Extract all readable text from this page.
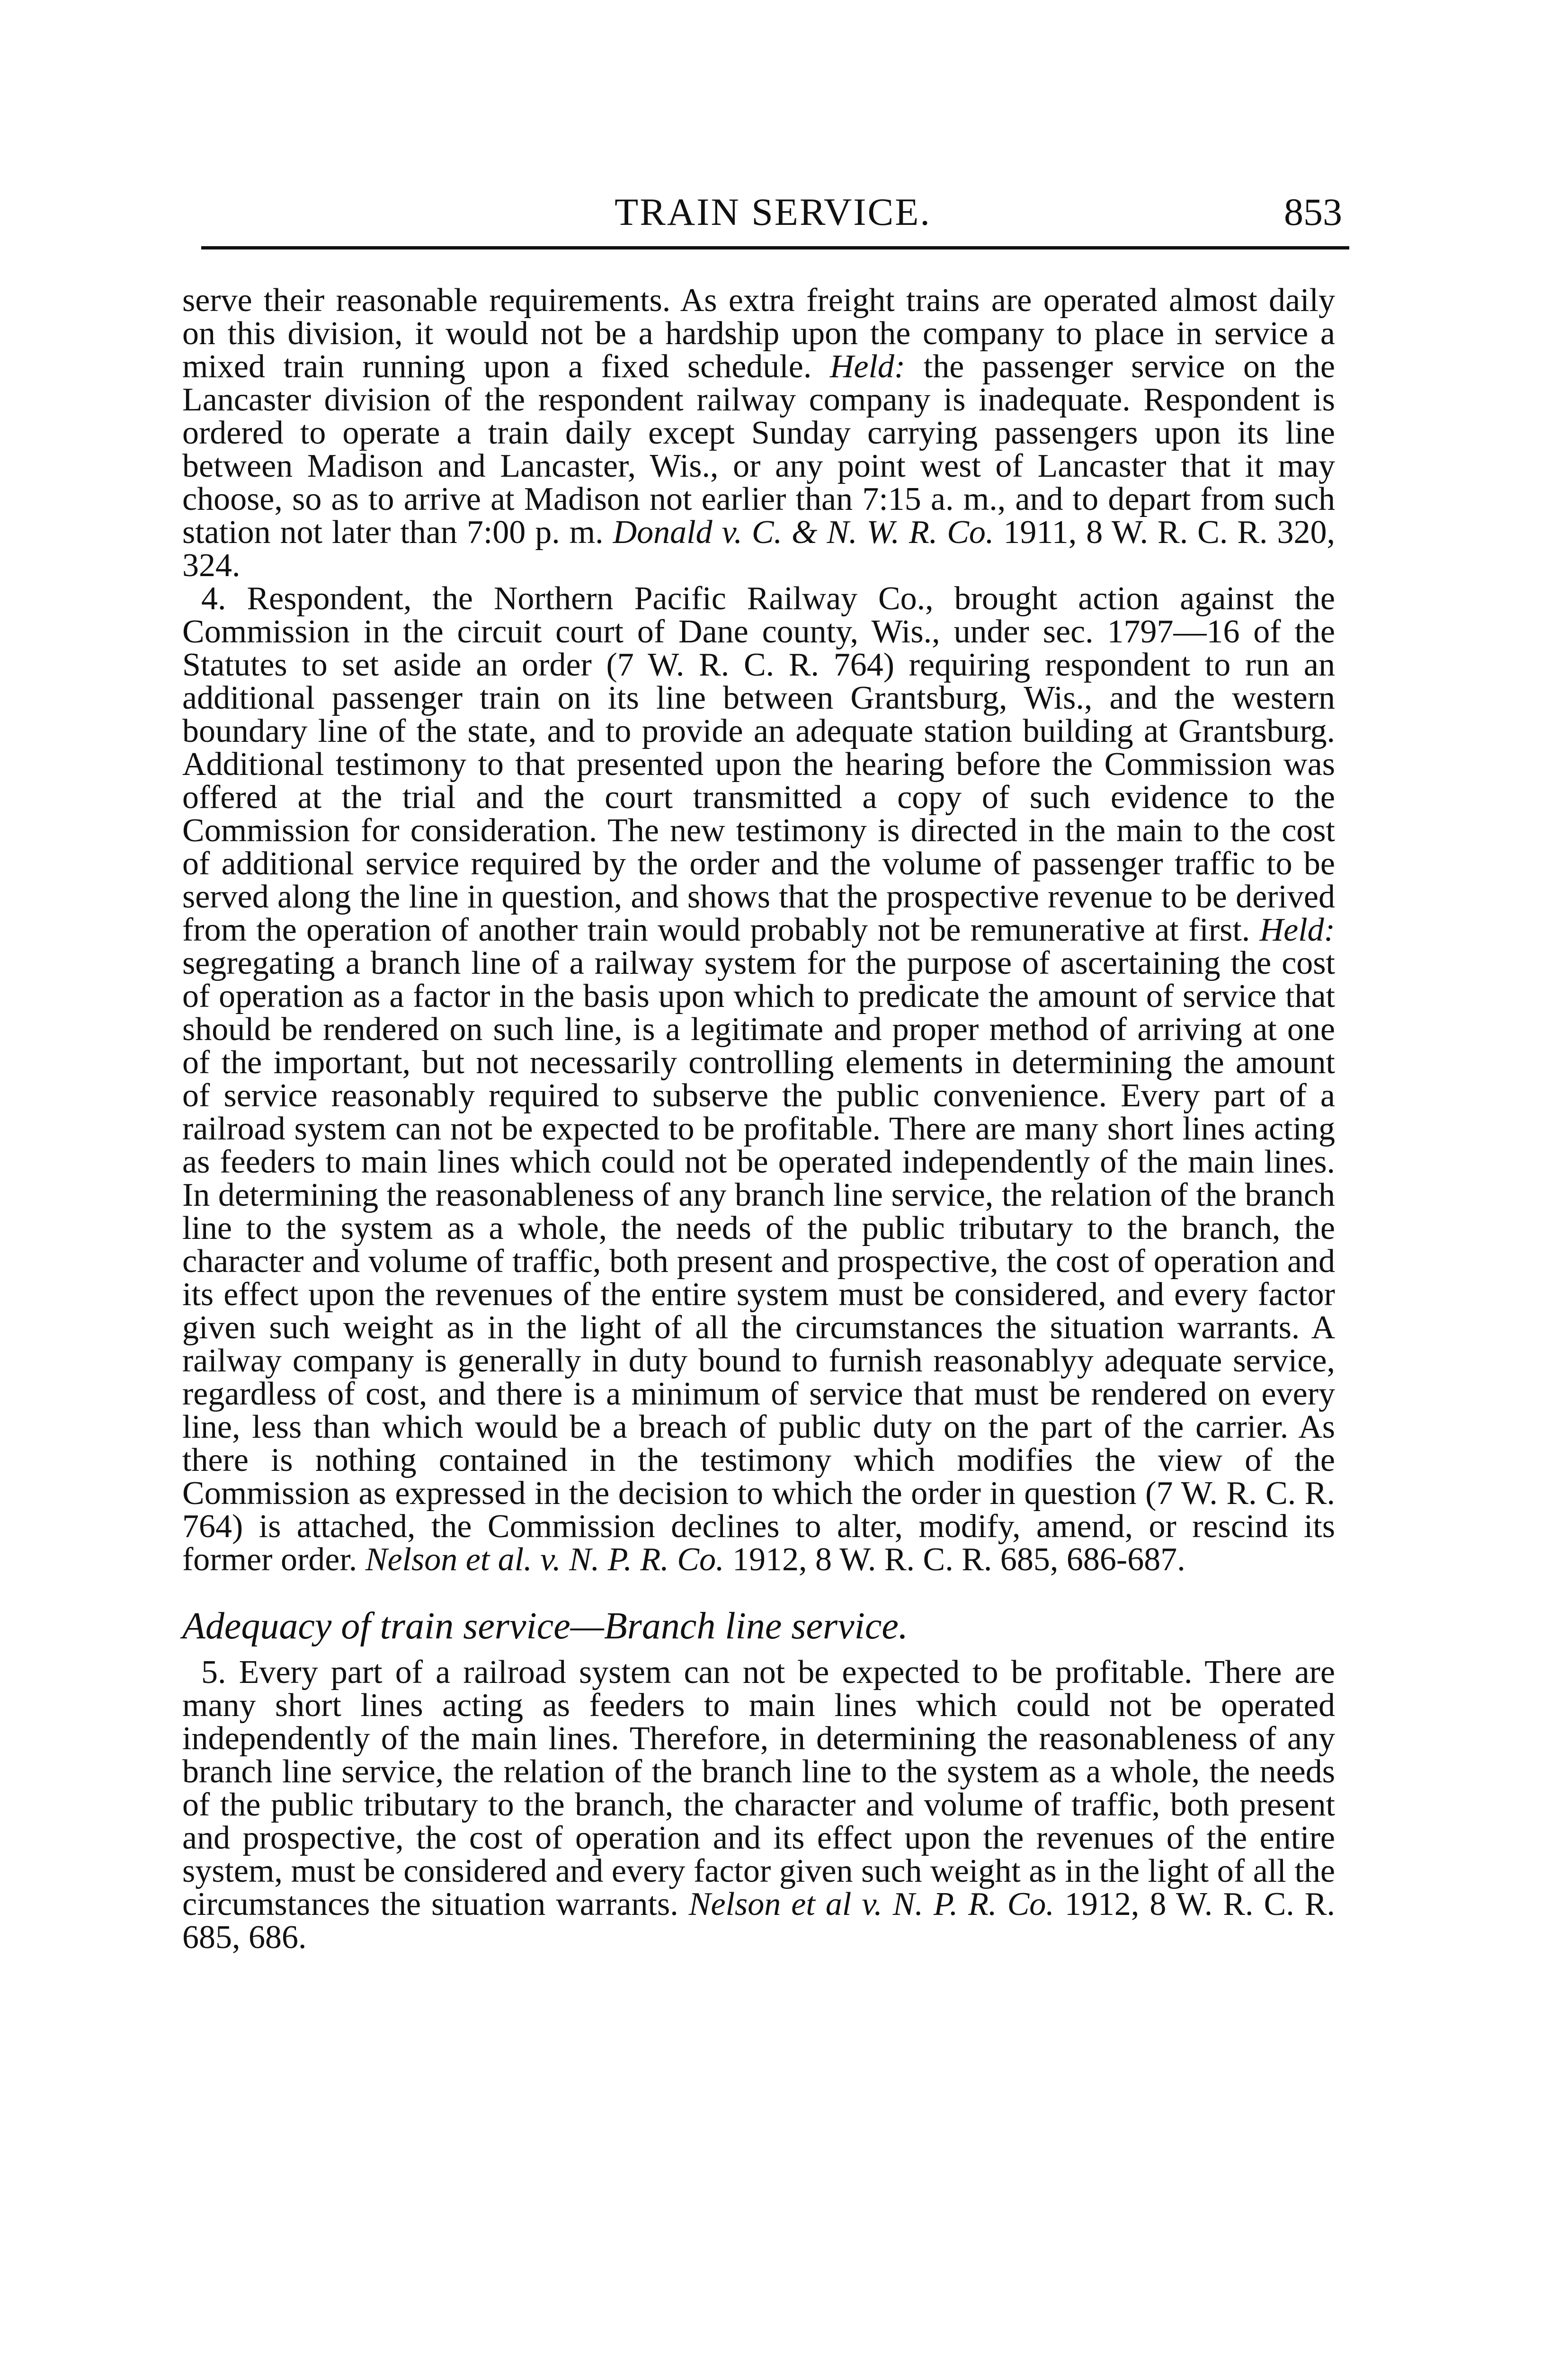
TRAIN SERVICE.	853

serve their reasonable requirements. As extra freight trains are operated almost daily on this division, it would not be a hardship upon the company to place in service a mixed train running upon a fixed schedule. Held: the passenger service on the Lancaster division of the respondent railway company is inadequate. Respondent is ordered to operate a train daily except Sunday carrying passengers upon its line between Madison and Lancaster, Wis., or any point west of Lancaster that it may choose, so as to arrive at Madison not earlier than 7:15 a. m., and to depart from such station not later than 7:00 p. m. Donald v. C. & N. W. R. Co. 1911, 8 W. R. C. R. 320, 324.

4. Respondent, the Northern Pacific Railway Co., brought action against the Commission in the circuit court of Dane county, Wis., under sec. 1797—16 of the Statutes to set aside an order (7 W. R. C. R. 764) requiring respondent to run an additional passenger train on its line between Grantsburg, Wis., and the western boundary line of the state, and to provide an adequate station building at Grantsburg. Additional testimony to that presented upon the hearing before the Commission was offered at the trial and the court transmitted a copy of such evidence to the Commission for consideration. The new testimony is directed in the main to the cost of additional service required by the order and the volume of passenger traffic to be served along the line in question, and shows that the prospective revenue to be derived from the operation of another train would probably not be remunerative at first. Held: segregating a branch line of a railway system for the purpose of ascertaining the cost of operation as a factor in the basis upon which to predicate the amount of service that should be rendered on such line, is a legitimate and proper method of arriving at one of the important, but not necessarily controlling elements in determining the amount of service reasonably required to subserve the public convenience. Every part of a railroad system can not be expected to be profitable. There are many short lines acting as feeders to main lines which could not be operated independently of the main lines. In determining the reasonableness of any branch line service, the relation of the branch line to the system as a whole, the needs of the public tributary to the branch, the character and volume of traffic, both present and prospective, the cost of operation and its effect upon the revenues of the entire system must be considered, and every factor given such weight as in the light of all the circumstances the situation warrants. A railway company is generally in duty bound to furnish reasonablyy adequate service, regardless of cost, and there is a minimum of service that must be rendered on every line, less than which would be a breach of public duty on the part of the carrier. As there is nothing contained in the testimony which modifies the view of the Commission as expressed in the decision to which the order in question (7 W. R. C. R. 764) is attached, the Commission declines to alter, modify, amend, or rescind its former order. Nelson et al. v. N. P. R. Co. 1912, 8 W. R. C. R. 685, 686-687.

Adequacy of train service—Branch line service.

5. Every part of a railroad system can not be expected to be profitable. There are many short lines acting as feeders to main lines which could not be operated independently of the main lines. Therefore, in determining the reasonableness of any branch line service, the relation of the branch line to the system as a whole, the needs of the public tributary to the branch, the character and volume of traffic, both present and prospective, the cost of operation and its effect upon the revenues of the entire system, must be considered and every factor given such weight as in the light of all the circumstances the situation warrants. Nelson et al v. N. P. R. Co. 1912, 8 W. R. C. R. 685, 686.
